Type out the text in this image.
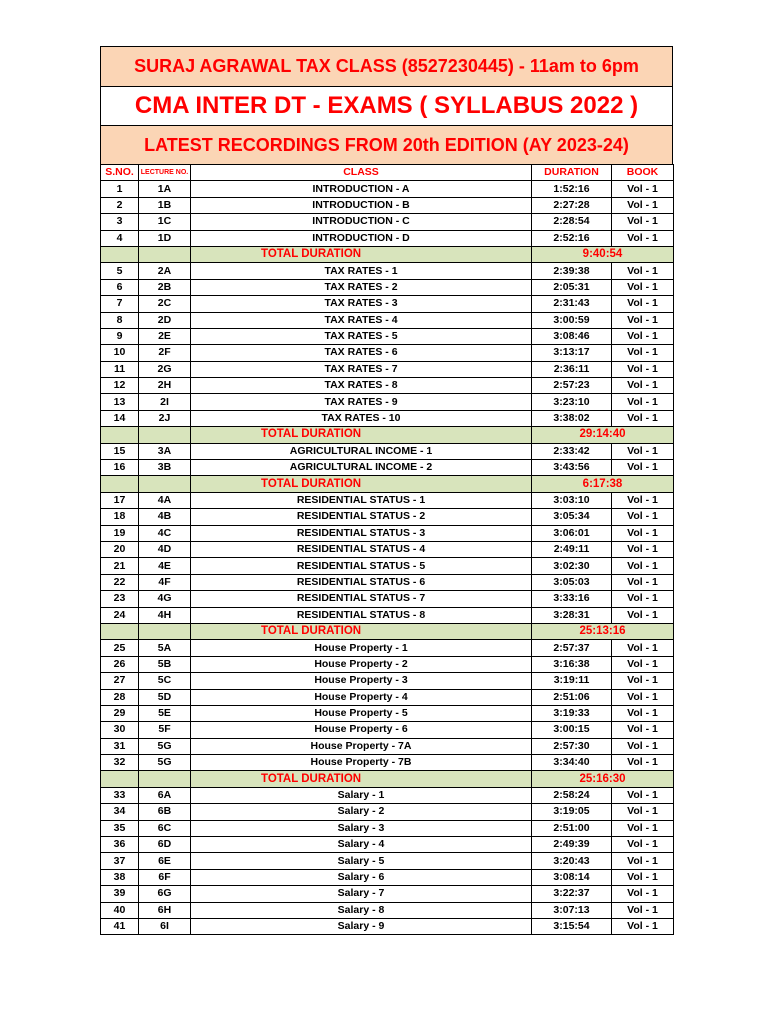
SURAJ AGRAWAL TAX CLASS (8527230445) - 11am to 6pm
CMA INTER DT - EXAMS ( SYLLABUS 2022 )
LATEST RECORDINGS FROM 20th EDITION (AY 2023-24)
S.NO.	LECTURE NO.	CLASS	DURATION	BOOK
1	1A	INTRODUCTION - A	1:52:16	Vol - 1
2	1B	INTRODUCTION - B	2:27:28	Vol - 1
3	1C	INTRODUCTION - C	2:28:54	Vol - 1
4	1D	INTRODUCTION - D	2:52:16	Vol - 1
		TOTAL DURATION	9:40:54	
5	2A	TAX RATES - 1	2:39:38	Vol - 1
6	2B	TAX RATES - 2	2:05:31	Vol - 1
7	2C	TAX RATES - 3	2:31:43	Vol - 1
8	2D	TAX RATES - 4	3:00:59	Vol - 1
9	2E	TAX RATES - 5	3:08:46	Vol - 1
10	2F	TAX RATES - 6	3:13:17	Vol - 1
11	2G	TAX RATES - 7	2:36:11	Vol - 1
12	2H	TAX RATES - 8	2:57:23	Vol - 1
13	2I	TAX RATES - 9	3:23:10	Vol - 1
14	2J	TAX RATES - 10	3:38:02	Vol - 1
		TOTAL DURATION	29:14:40	
15	3A	AGRICULTURAL INCOME - 1	2:33:42	Vol - 1
16	3B	AGRICULTURAL INCOME - 2	3:43:56	Vol - 1
		TOTAL DURATION	6:17:38	
17	4A	RESIDENTIAL STATUS - 1	3:03:10	Vol - 1
18	4B	RESIDENTIAL STATUS - 2	3:05:34	Vol - 1
19	4C	RESIDENTIAL STATUS - 3	3:06:01	Vol - 1
20	4D	RESIDENTIAL STATUS - 4	2:49:11	Vol - 1
21	4E	RESIDENTIAL STATUS - 5	3:02:30	Vol - 1
22	4F	RESIDENTIAL STATUS - 6	3:05:03	Vol - 1
23	4G	RESIDENTIAL STATUS - 7	3:33:16	Vol - 1
24	4H	RESIDENTIAL STATUS - 8	3:28:31	Vol - 1
		TOTAL DURATION	25:13:16	
25	5A	House Property - 1	2:57:37	Vol - 1
26	5B	House Property - 2	3:16:38	Vol - 1
27	5C	House Property - 3	3:19:11	Vol - 1
28	5D	House Property - 4	2:51:06	Vol - 1
29	5E	House Property - 5	3:19:33	Vol - 1
30	5F	House Property - 6	3:00:15	Vol - 1
31	5G	House Property - 7A	2:57:30	Vol - 1
32	5G	House Property - 7B	3:34:40	Vol - 1
		TOTAL DURATION	25:16:30	
33	6A	Salary - 1	2:58:24	Vol - 1
34	6B	Salary - 2	3:19:05	Vol - 1
35	6C	Salary - 3	2:51:00	Vol - 1
36	6D	Salary - 4	2:49:39	Vol - 1
37	6E	Salary - 5	3:20:43	Vol - 1
38	6F	Salary - 6	3:08:14	Vol - 1
39	6G	Salary - 7	3:22:37	Vol - 1
40	6H	Salary - 8	3:07:13	Vol - 1
41	6I	Salary - 9	3:15:54	Vol - 1
